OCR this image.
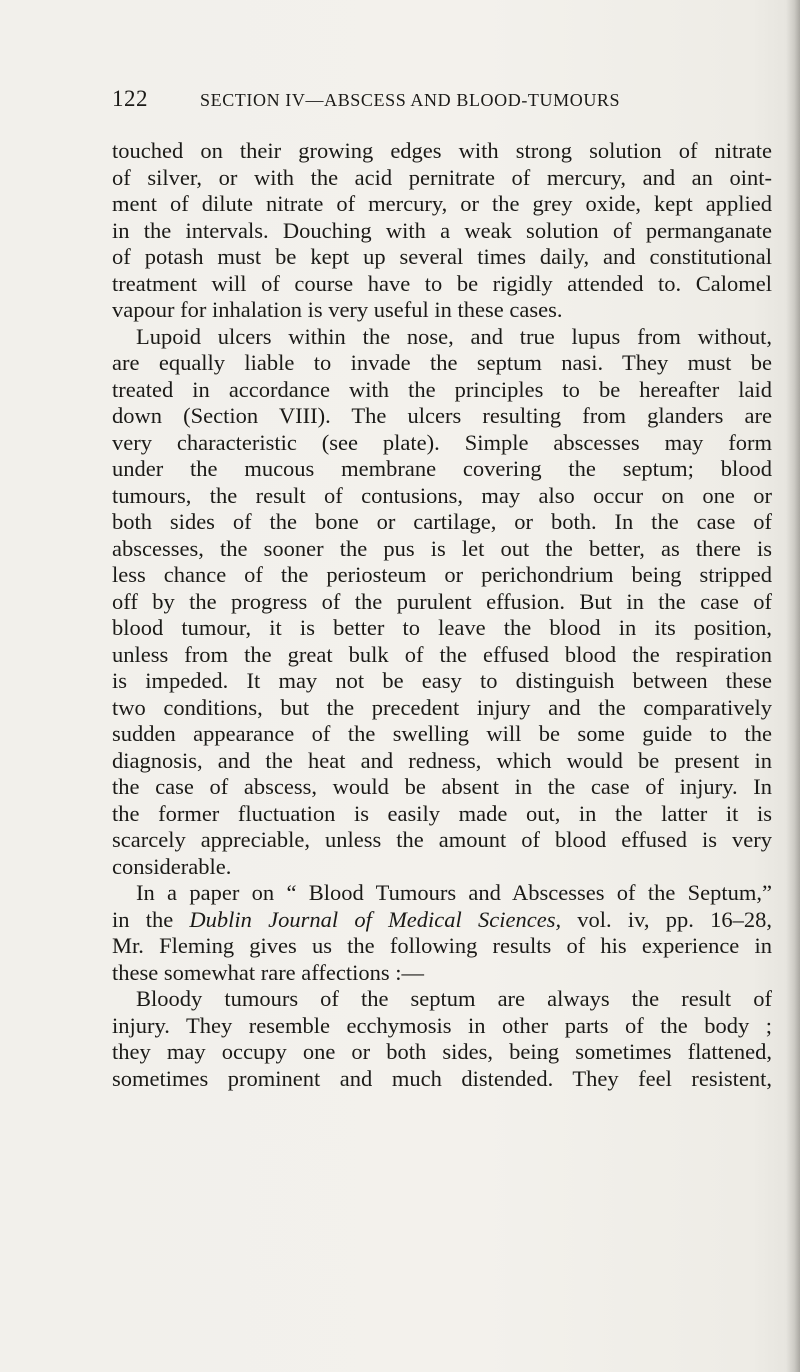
122	SECTION IV—ABSCESS AND BLOOD-TUMOURS
touched on their growing edges with strong solution of nitrate
of silver, or with the acid pernitrate of mercury, and an oint-
ment of dilute nitrate of mercury, or the grey oxide, kept applied
in the intervals. Douching with a weak solution of permanganate
of potash must be kept up several times daily, and constitutional
treatment will of course have to be rigidly attended to. Calomel
vapour for inhalation is very useful in these cases.
Lupoid ulcers within the nose, and true lupus from without,
are equally liable to invade the septum nasi. They must be
treated in accordance with the principles to be hereafter laid
down (Section VIII). The ulcers resulting from glanders are
very characteristic (see plate). Simple abscesses may form
under the mucous membrane covering the septum; blood
tumours, the result of contusions, may also occur on one or
both sides of the bone or cartilage, or both. In the case of
abscesses, the sooner the pus is let out the better, as there is
less chance of the periosteum or perichondrium being stripped
off by the progress of the purulent effusion. But in the case of
blood tumour, it is better to leave the blood in its position,
unless from the great bulk of the effused blood the respiration
is impeded. It may not be easy to distinguish between these
two conditions, but the precedent injury and the comparatively
sudden appearance of the swelling will be some guide to the
diagnosis, and the heat and redness, which would be present in
the case of abscess, would be absent in the case of injury. In
the former fluctuation is easily made out, in the latter it is
scarcely appreciable, unless the amount of blood effused is very
considerable.
In a paper on “ Blood Tumours and Abscesses of the Septum,”
in the Dublin Journal of Medical Sciences, vol. iv, pp. 16–28,
Mr. Fleming gives us the following results of his experience in
these somewhat rare affections :—
Bloody tumours of the septum are always the result of
injury. They resemble ecchymosis in other parts of the body ;
they may occupy one or both sides, being sometimes flattened,
sometimes prominent and much distended. They feel resistent,
